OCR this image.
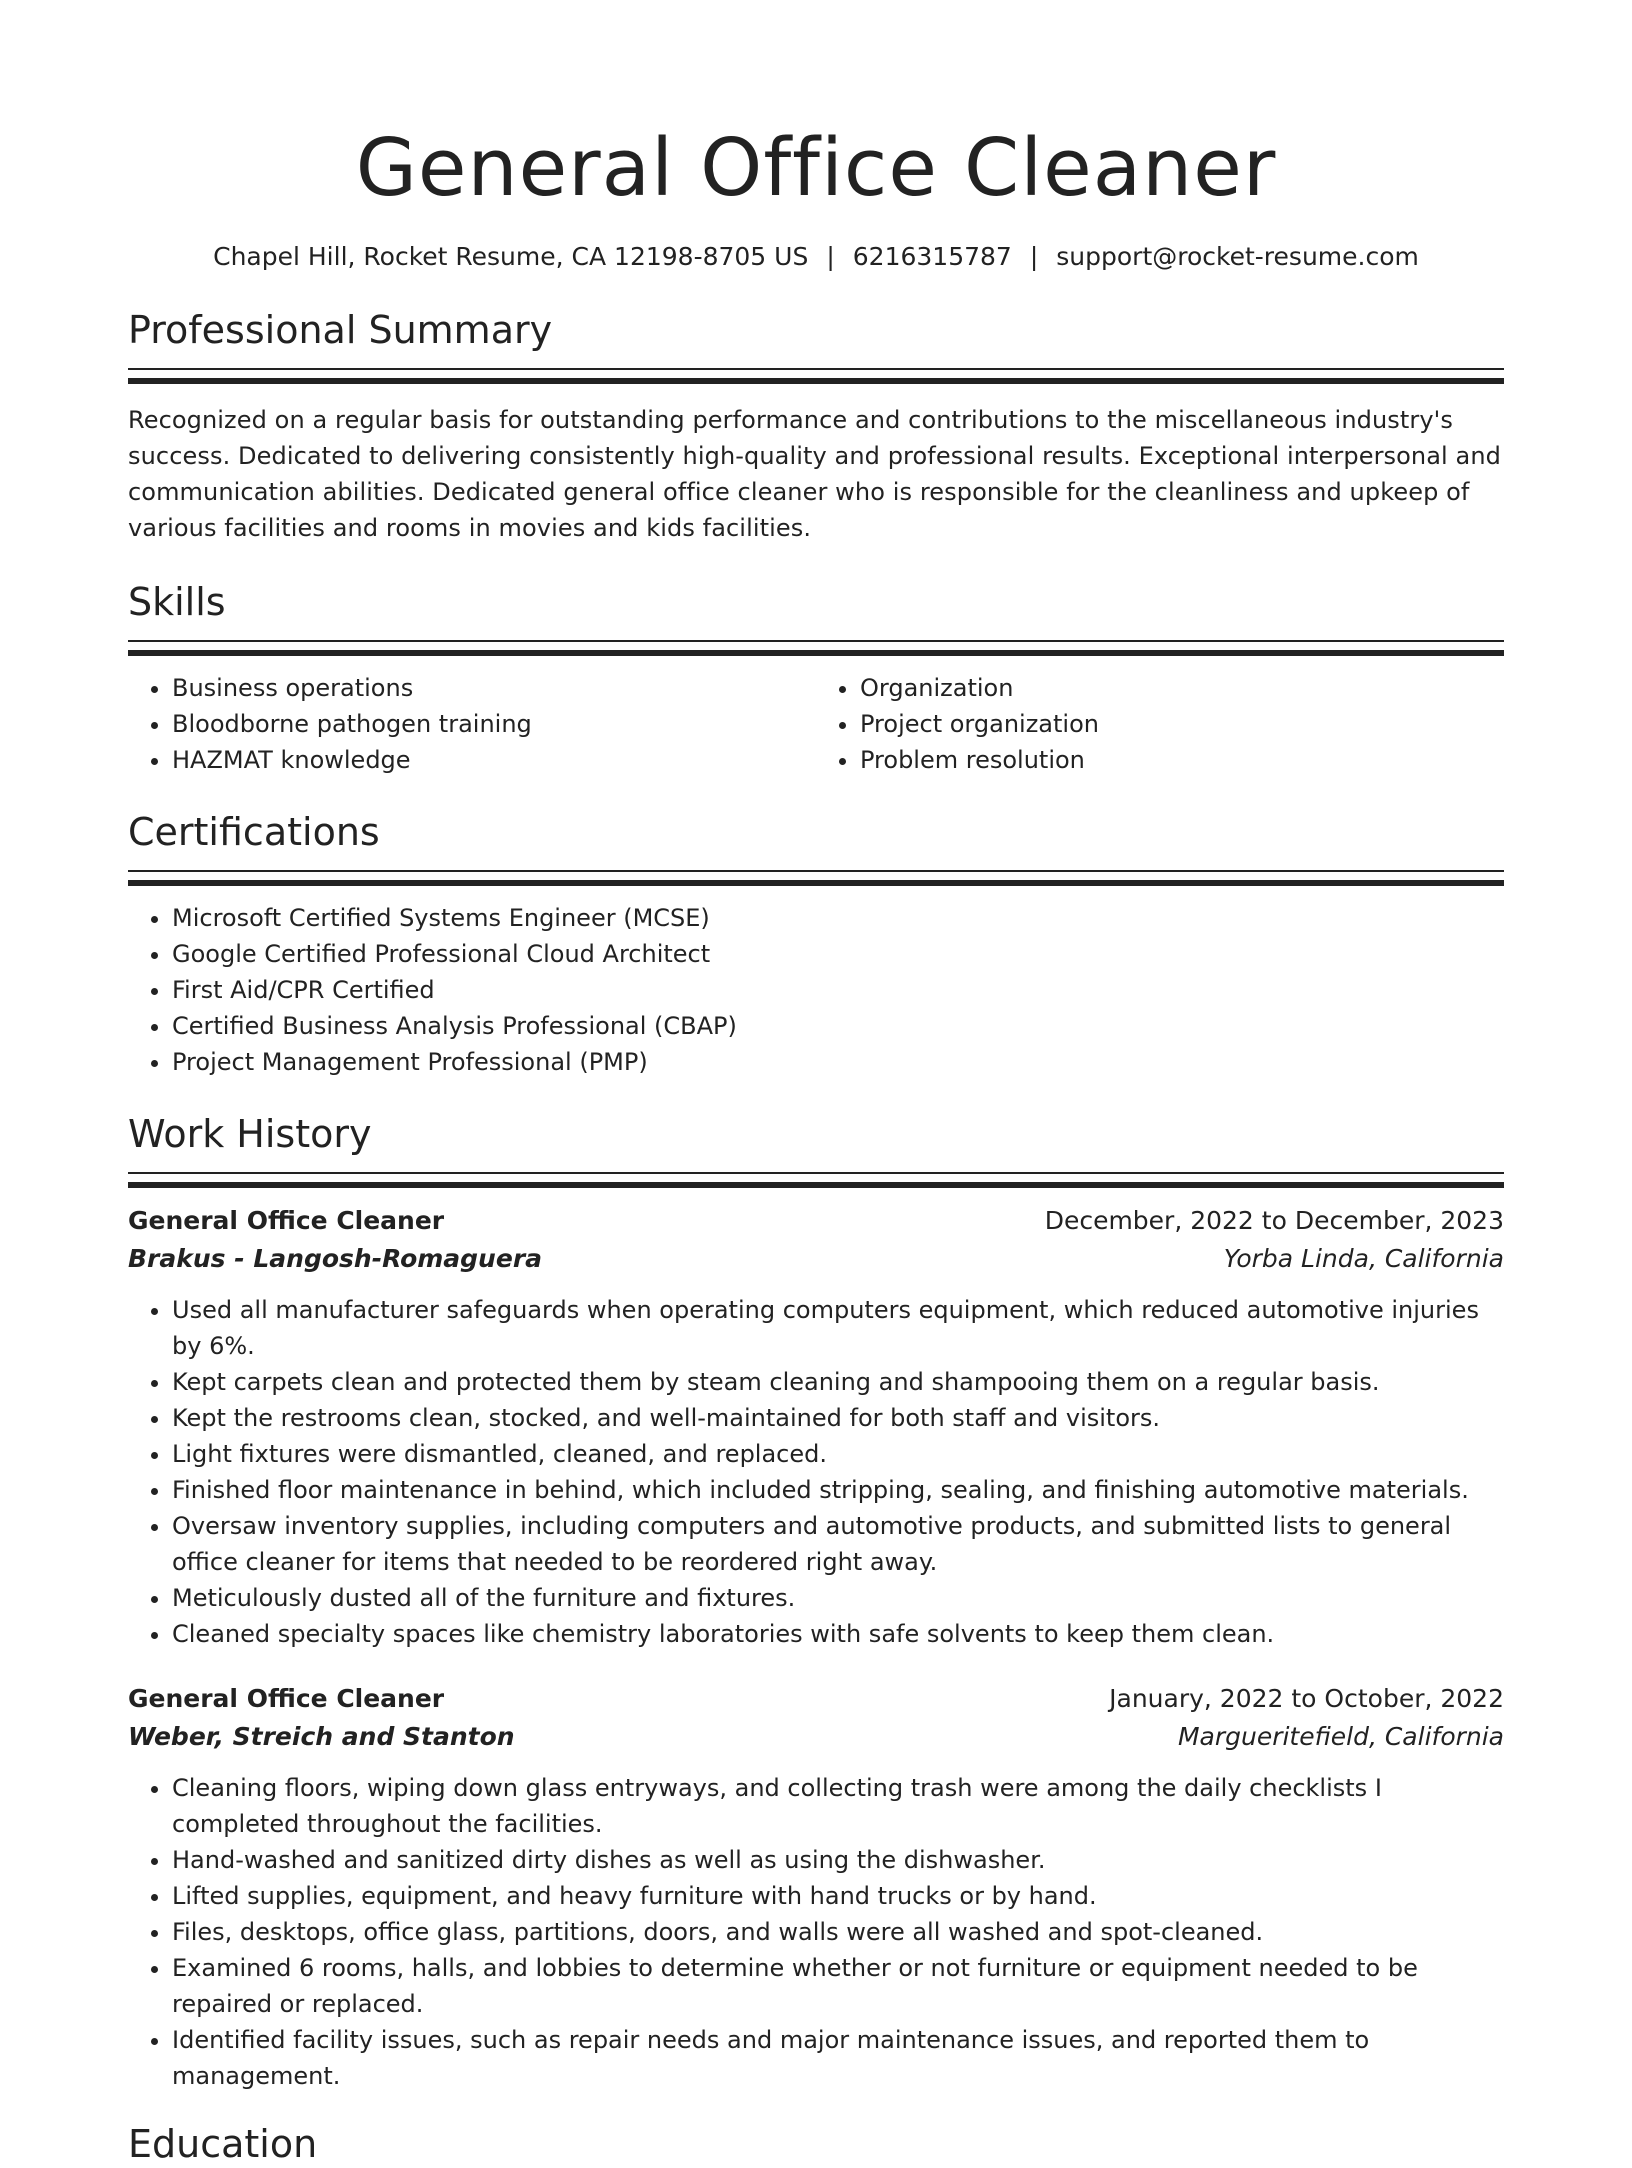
General Office Cleaner
Chapel Hill, Rocket Resume, CA 12198-8705 US | 6216315787 | support@rocket-resume.com
Professional Summary

Recognized on a regular basis for outstanding performance and contributions to the miscellaneous industry's success. Dedicated to delivering consistently high-quality and professional results. Exceptional interpersonal and communication abilities. Dedicated general office cleaner who is responsible for the cleanliness and upkeep of various facilities and rooms in movies and kids facilities.

Skills
• Business operations
• Bloodborne pathogen training
• HAZMAT knowledge
• Organization
• Project organization
• Problem resolution
Certifications
• Microsoft Certified Systems Engineer (MCSE)
• Google Certified Professional Cloud Architect
• First Aid/CPR Certified
• Certified Business Analysis Professional (CBAP)
• Project Management Professional (PMP)
Work History
General Office Cleaner	December, 2022 to December, 2023
Brakus - Langosh-Romaguera	Yorba Linda, California
• Used all manufacturer safeguards when operating computers equipment, which reduced automotive injuries by 6%.
• Kept carpets clean and protected them by steam cleaning and shampooing them on a regular basis.
• Kept the restrooms clean, stocked, and well-maintained for both staff and visitors.
• Light fixtures were dismantled, cleaned, and replaced.
• Finished floor maintenance in behind, which included stripping, sealing, and finishing automotive materials.
• Oversaw inventory supplies, including computers and automotive products, and submitted lists to general office cleaner for items that needed to be reordered right away.
• Meticulously dusted all of the furniture and fixtures.
• Cleaned specialty spaces like chemistry laboratories with safe solvents to keep them clean.
General Office Cleaner	January, 2022 to October, 2022
Weber, Streich and Stanton	Margueritefield, California
• Cleaning floors, wiping down glass entryways, and collecting trash were among the daily checklists I completed throughout the facilities.
• Hand-washed and sanitized dirty dishes as well as using the dishwasher.
• Lifted supplies, equipment, and heavy furniture with hand trucks or by hand.
• Files, desktops, office glass, partitions, doors, and walls were all washed and spot-cleaned.
• Examined 6 rooms, halls, and lobbies to determine whether or not furniture or equipment needed to be repaired or replaced.
• Identified facility issues, such as repair needs and major maintenance issues, and reported them to management.
Education
